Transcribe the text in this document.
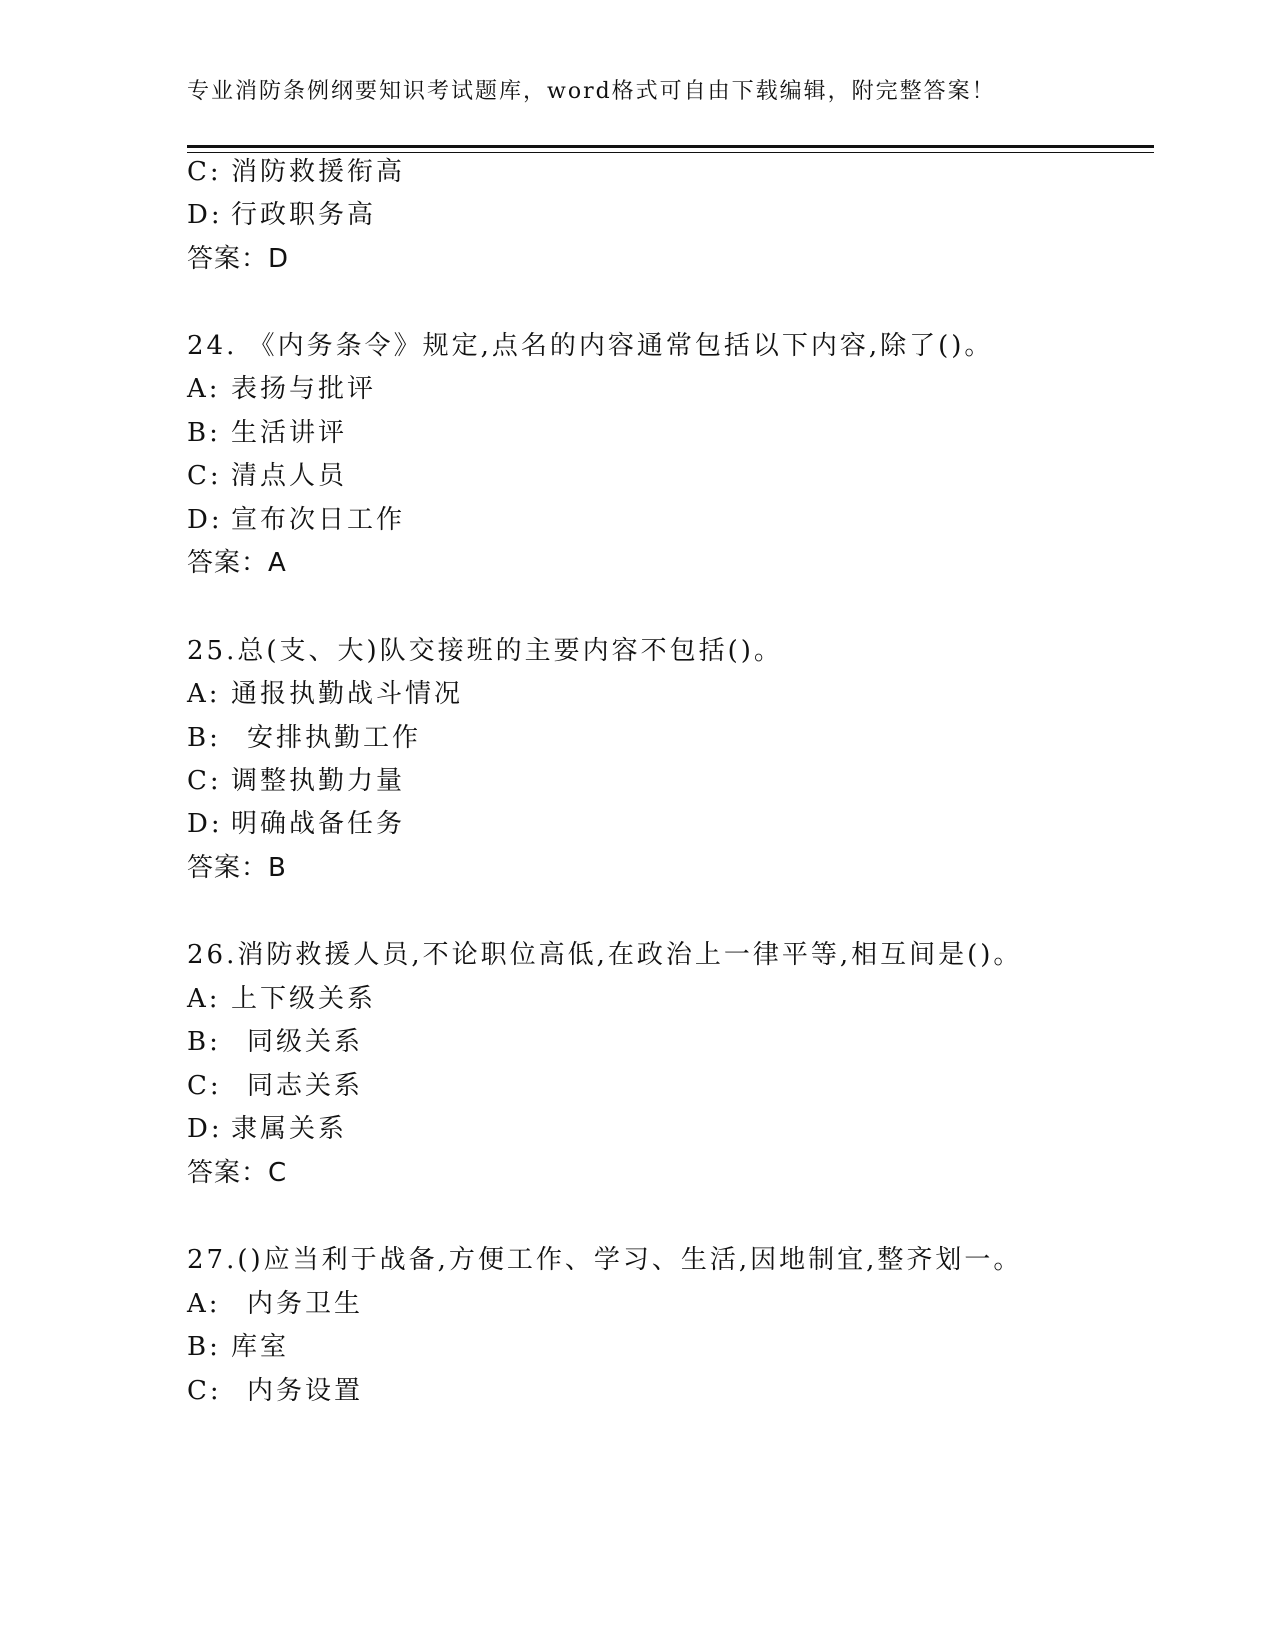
专业消防条例纲要知识考试题库，word格式可自由下载编辑，附完整答案！
C: 消防救援衔高
D: 行政职务高
答案：D
24. 《内务条令》规定,点名的内容通常包括以下内容,除了()。
A: 表扬与批评
B: 生活讲评
C: 清点人员
D: 宣布次日工作
答案：A
25.总(支、大)队交接班的主要内容不包括()。
A: 通报执勤战斗情况
B: 安排执勤工作
C: 调整执勤力量
D: 明确战备任务
答案：B
26.消防救援人员,不论职位高低,在政治上一律平等,相互间是()。
A: 上下级关系
B: 同级关系
C: 同志关系
D: 隶属关系
答案：C
27.()应当利于战备,方便工作、学习、生活,因地制宜,整齐划一。
A: 内务卫生
B: 库室
C: 内务设置
